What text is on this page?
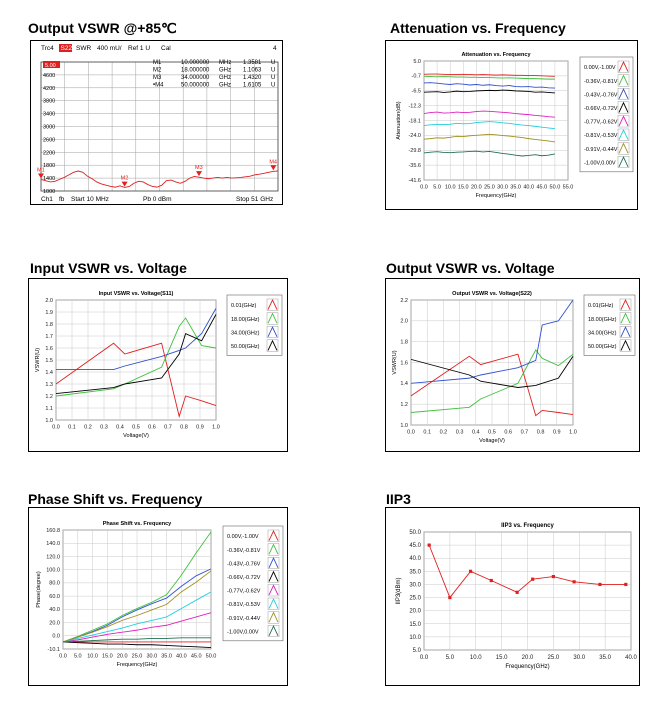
Output VSWR @+85℃	Attenuation vs. Frequency
Input VSWR vs. Voltage	Output VSWR vs. Voltage
Phase Shift vs. Frequency	IIP3
Trc4 S22 SWR 400 mU/ Ref 1 U Cal	4
5.00
4600
4200
3800
3400
3000
2600
2200
1800
1400
1000
M1	10.000000 MHz 1.3581 U
M2	18.000000 GHz 1.1063 U
M3	34.000000 GHz 1.4320 U
•M4	50.000000 GHz 1.6105 U
M1
M2
M3
M4
Ch1 fb Start 10 MHz	Pb 0 dBm	Stop 51 GHz
0.0 5.0 10.0 15.0 20.0 25.0 30.0 35.0 40.0 45.0 50.0 55.0
5.0
-0.7
-6.5
-12.3
-18.1
-24.0
-29.8
-35.6
-41.6
Attenuation vs. Frequency
Frequency(GHz)
Attenuation(dB)
0.00V,-1.00V
-0.36V,-0.81V
-0.43V,-0.76V
-0.66V,-0.72V
-0.77V,-0.62V
-0.81V,-0.53V
-0.91V,-0.44V
-1.00V,0.00V
0.0 0.1 0.2 0.3 0.4 0.5 0.6 0.7 0.8 0.9 1.0
2.0
1.9
1.8
1.7
1.6
1.5
1.4
1.3
1.2
1.1
1.0
Input VSWR vs. Voltage(S11)
Voltage(V)
VSWR(U)
0.01(GHz)
18.00(GHz)
34.00(GHz)
50.00(GHz)
0.0 0.1 0.2 0.3 0.4 0.5 0.6 0.7 0.8 0.9 1.0
2.2
2.0
1.8
1.6
1.4
1.2
1.0
Output VSWR vs. Voltage(S22)
Voltage(V)
VSWR(U)
0.01(GHz)
18.00(GHz)
34.00(GHz)
50.00(GHz)
0.0 5.0 10.0 15.0 20.0 25.0 30.0 35.0 40.0 45.0 50.0
160.8
140.0
120.0
100.0
80.0
60.0
40.0
20.0
0.0
-10.1
Phase Shift vs. Frequency
Frequency(GHz)
Phase(degree)
0.00V,-1.00V
-0.36V,-0.81V
-0.43V,-0.76V
-0.66V,-0.72V
-0.77V,-0.62V
-0.81V,-0.53V
-0.91V,-0.44V
-1.00V,0.00V
0.0	5.0	10.0 15.0 20.0 25.0 30.0 35.0 40.0
50.0
45.0
40.0
35.0
30.0
25.0
20.0
15.0
10.0
5.0
IIP3 vs. Frequency
Frequency(GHz)
IIP3(dBm)
